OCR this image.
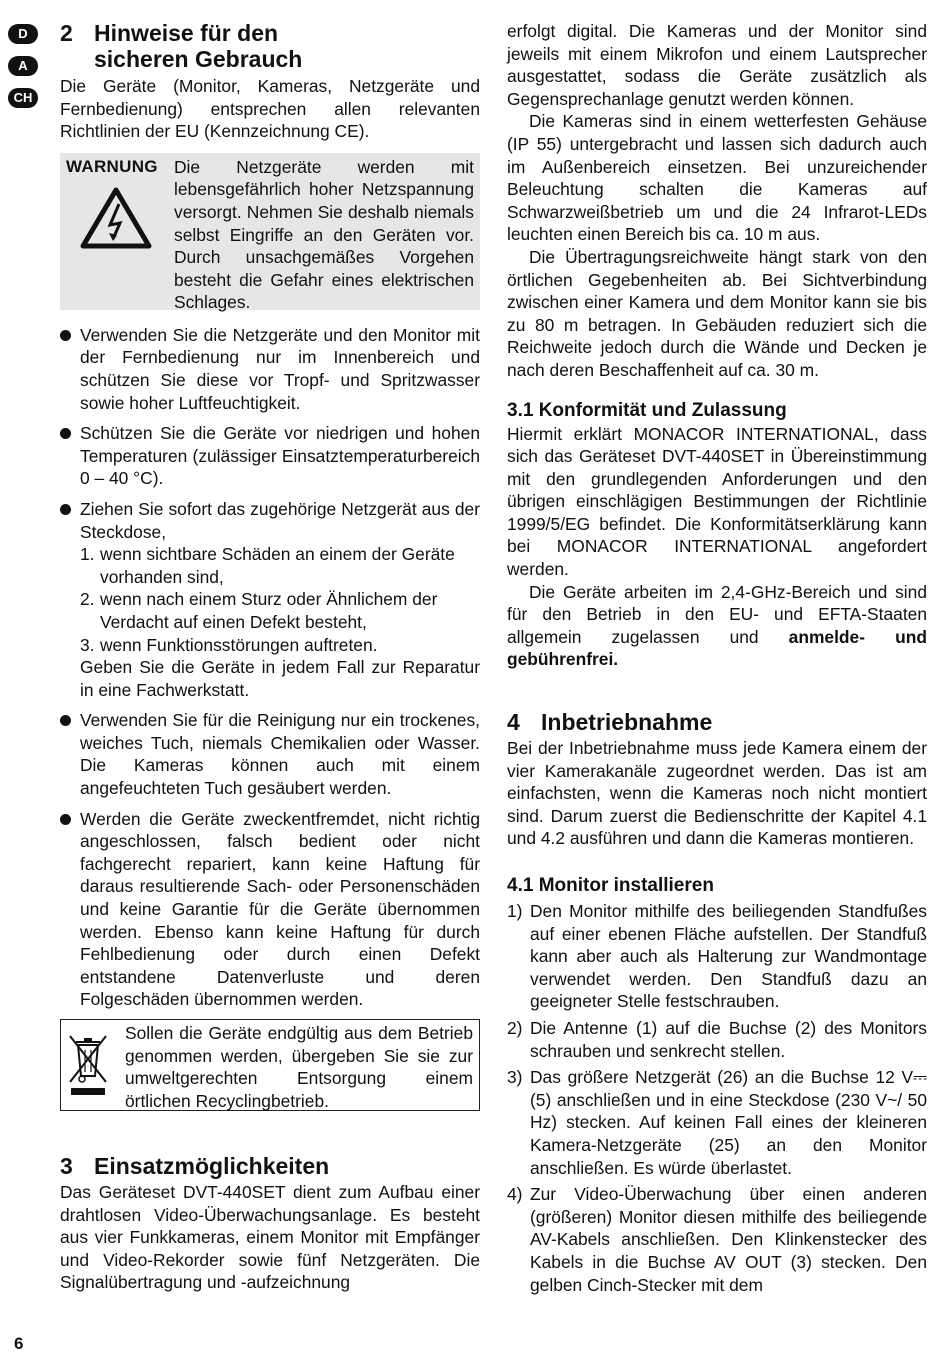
D
A
CH
2 Hinweise für den
sicheren Gebrauch

Die Geräte (Monitor, Kameras, Netzgeräte und Fernbedienung) entsprechen allen relevanten Richtlinien der EU (Kennzeichnung CE).

WARNUNG Die Netzgeräte werden mit lebensgefährlich hoher Netzspannung versorgt. Nehmen Sie deshalb niemals selbst Eingriffe an den Geräten vor. Durch unsachgemäßes Vorgehen besteht die Gefahr eines elektrischen Schlages.

Verwenden Sie die Netzgeräte und den Monitor mit der Fernbedienung nur im Innenbereich und schützen Sie diese vor Tropf- und Spritzwasser sowie hoher Luftfeuchtigkeit.

Schützen Sie die Geräte vor niedrigen und hohen Temperaturen (zulässiger Einsatztemperaturbereich 0 – 40 °C).

Ziehen Sie sofort das zugehörige Netzgerät aus der Steckdose,

1. wenn sichtbare Schäden an einem der Geräte vorhanden sind,
2. wenn nach einem Sturz oder Ähnlichem der Verdacht auf einen Defekt besteht,
3. wenn Funktionsstörungen auftreten.

Geben Sie die Geräte in jedem Fall zur Reparatur in eine Fachwerkstatt.

Verwenden Sie für die Reinigung nur ein trockenes, weiches Tuch, niemals Chemikalien oder Wasser. Die Kameras können auch mit einem angefeuchteten Tuch gesäubert werden.

Werden die Geräte zweckentfremdet, nicht richtig angeschlossen, falsch bedient oder nicht fachgerecht repariert, kann keine Haftung für daraus resultierende Sach- oder Personenschäden und keine Garantie für die Geräte übernommen werden. Ebenso kann keine Haftung für durch Fehlbedienung oder durch einen Defekt entstandene Datenverluste und deren Folgeschäden übernommen werden.

Sollen die Geräte endgültig aus dem Betrieb genommen werden, übergeben Sie sie zur umweltgerechten Entsorgung einem örtlichen Recyclingbetrieb.

3 Einsatzmöglichkeiten

Das Geräteset DVT-440SET dient zum Aufbau einer drahtlosen Video-Überwachungsanlage. Es besteht aus vier Funkkameras, einem Monitor mit Empfänger und Video-Rekorder sowie fünf Netzgeräten. Die Signalübertragung und -aufzeichnung

erfolgt digital. Die Kameras und der Monitor sind jeweils mit einem Mikrofon und einem Lautsprecher ausgestattet, sodass die Geräte zusätzlich als Gegensprechanlage genutzt werden können.

Die Kameras sind in einem wetterfesten Gehäuse (IP 55) untergebracht und lassen sich dadurch auch im Außenbereich einsetzen. Bei unzureichender Beleuchtung schalten die Kameras auf Schwarzweißbetrieb um und die 24 Infrarot-LEDs leuchten einen Bereich bis ca. 10 m aus.

Die Übertragungsreichweite hängt stark von den örtlichen Gegebenheiten ab. Bei Sichtverbindung zwischen einer Kamera und dem Monitor kann sie bis zu 80 m betragen. In Gebäuden reduziert sich die Reichweite jedoch durch die Wände und Decken je nach deren Beschaffenheit auf ca. 30 m.

3.1 Konformität und Zulassung

Hiermit erklärt MONACOR INTERNATIONAL, dass sich das Geräteset DVT-440SET in Übereinstimmung mit den grundlegenden Anforderungen und den übrigen einschlägigen Bestimmungen der Richtlinie 1999/5/EG befindet. Die Konformitätserklärung kann bei MONACOR INTERNATIONAL angefordert werden.

Die Geräte arbeiten im 2,4-GHz-Bereich und sind für den Betrieb in den EU- und EFTA-Staaten allgemein zugelassen und anmelde- und gebührenfrei.

4 Inbetriebnahme

Bei der Inbetriebnahme muss jede Kamera einem der vier Kamerakanäle zugeordnet werden. Das ist am einfachsten, wenn die Kameras noch nicht montiert sind. Darum zuerst die Bedienschritte der Kapitel 4.1 und 4.2 ausführen und dann die Kameras montieren.

4.1 Monitor installieren
1) Den Monitor mithilfe des beiliegenden Standfußes auf einer ebenen Fläche aufstellen. Der Standfuß kann aber auch als Halterung zur Wandmontage verwendet werden. Den Standfuß dazu an geeigneter Stelle festschrauben.

2) Die Antenne (1) auf die Buchse (2) des Monitors schrauben und senkrecht stellen.

3) Das größere Netzgerät (26) an die Buchse 12 V⎓ (5) anschließen und in eine Steckdose (230 V~/ 50 Hz) stecken. Auf keinen Fall eines der kleineren Kamera-Netzgeräte (25) an den Monitor anschließen. Es würde überlastet.

4) Zur Video-Überwachung über einen anderen (größeren) Monitor diesen mithilfe des beiliegende AV-Kabels anschließen. Den Klinkenstecker des Kabels in die Buchse AV OUT (3) stecken. Den gelben Cinch-Stecker mit dem

6
